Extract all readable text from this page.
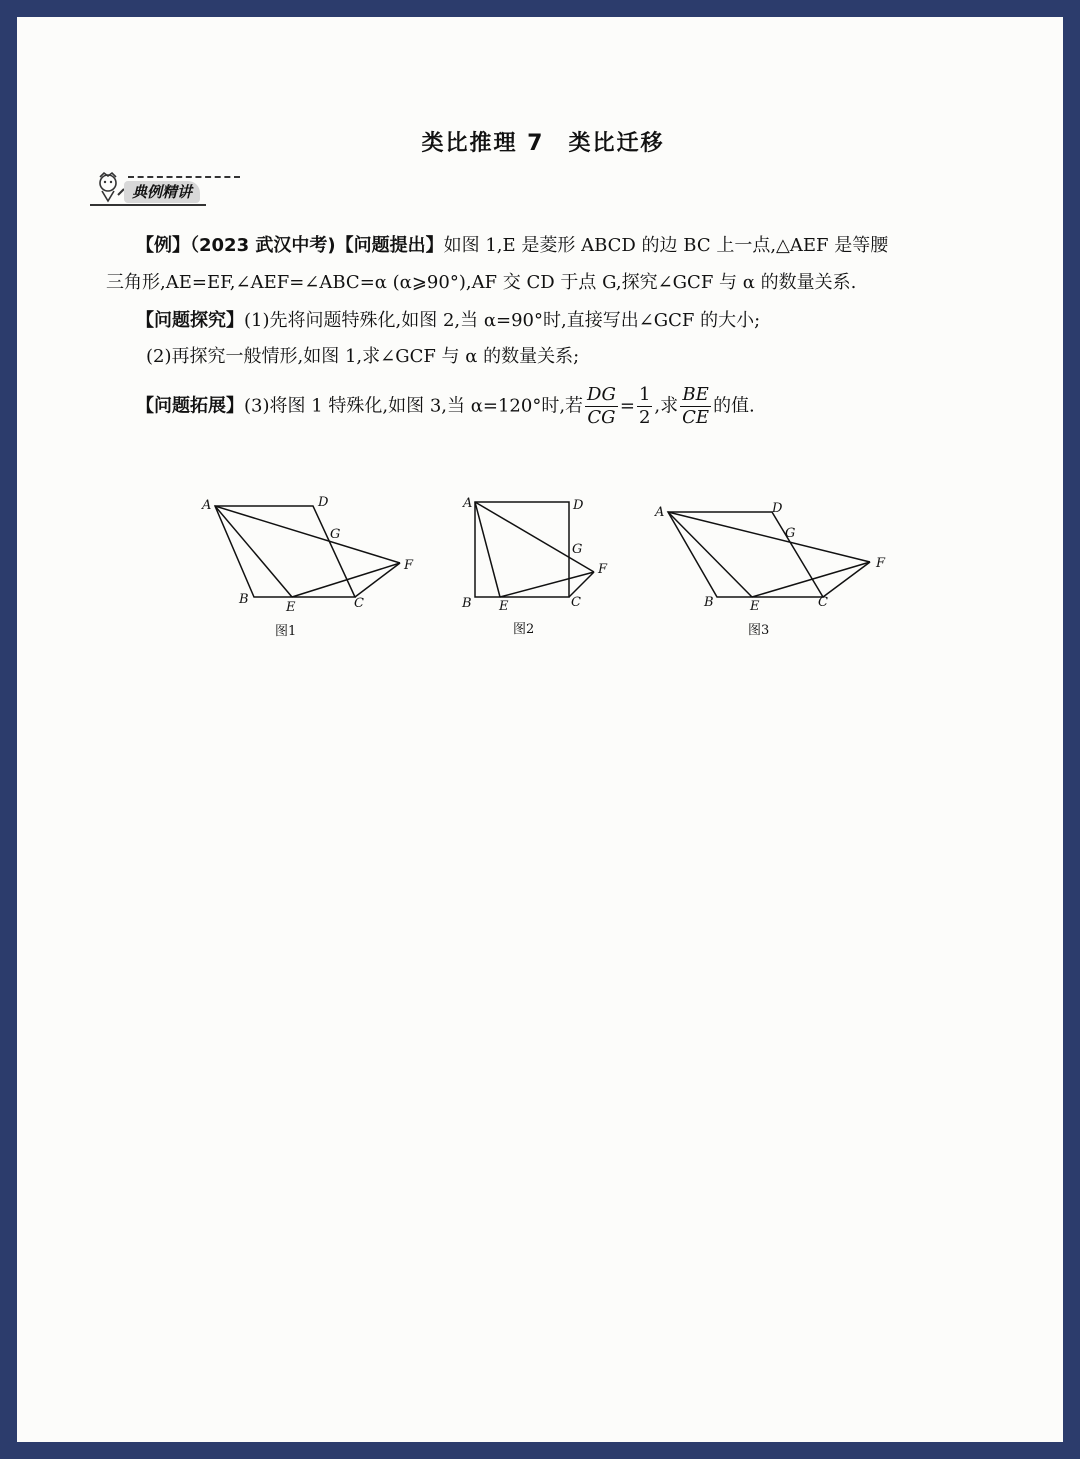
类比推理 7 类比迁移
典例精讲
【例】（2023 武汉中考)【问题提出】如图 1,E 是菱形 ABCD 的边 BC 上一点,△AEF 是等腰
三角形,AE=EF,∠AEF=∠ABC=α (α⩾90°),AF 交 CD 于点 G,探究∠GCF 与 α 的数量关系.
【问题探究】(1)先将问题特殊化,如图 2,当 α=90°时,直接写出∠GCF 的大小;
(2)再探究一般情形,如图 1,求∠GCF 与 α 的数量关系;
【问题拓展】(3)将图 1 特殊化,如图 3,当 α=120°时,若 $\frac{DG}{CG} = \frac{1}{2}$ ,求 $\frac{BE}{CE}$ 的值.
A	D
G
F
B
E	C
图1
A	D
G
F
B E	C
图2
A	D
G
F
B	E	C
图3
